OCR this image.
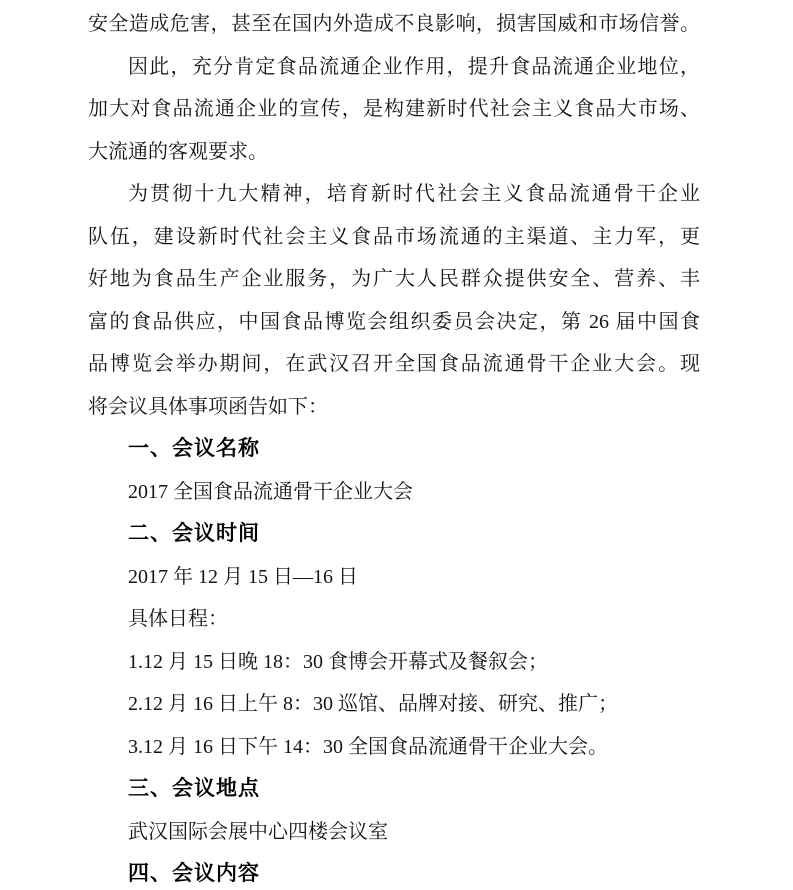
安全造成危害，甚至在国内外造成不良影响，损害国威和市场信誉。
因此，充分肯定食品流通企业作用，提升食品流通企业地位，
加大对食品流通企业的宣传，是构建新时代社会主义食品大市场、
大流通的客观要求。
为贯彻十九大精神，培育新时代社会主义食品流通骨干企业
队伍，建设新时代社会主义食品市场流通的主渠道、主力军，更
好地为食品生产企业服务，为广大人民群众提供安全、营养、丰
富的食品供应，中国食品博览会组织委员会决定，第 26 届中国食
品博览会举办期间，在武汉召开全国食品流通骨干企业大会。现
将会议具体事项函告如下：
一、会议名称
2017 全国食品流通骨干企业大会
二、会议时间
2017 年 12 月 15 日—16 日
具体日程：
1.12 月 15 日晚 18：30 食博会开幕式及餐叙会；
2.12 月 16 日上午 8：30 巡馆、品牌对接、研究、推广；
3.12 月 16 日下午 14：30 全国食品流通骨干企业大会。
三、会议地点
武汉国际会展中心四楼会议室
四、会议内容
